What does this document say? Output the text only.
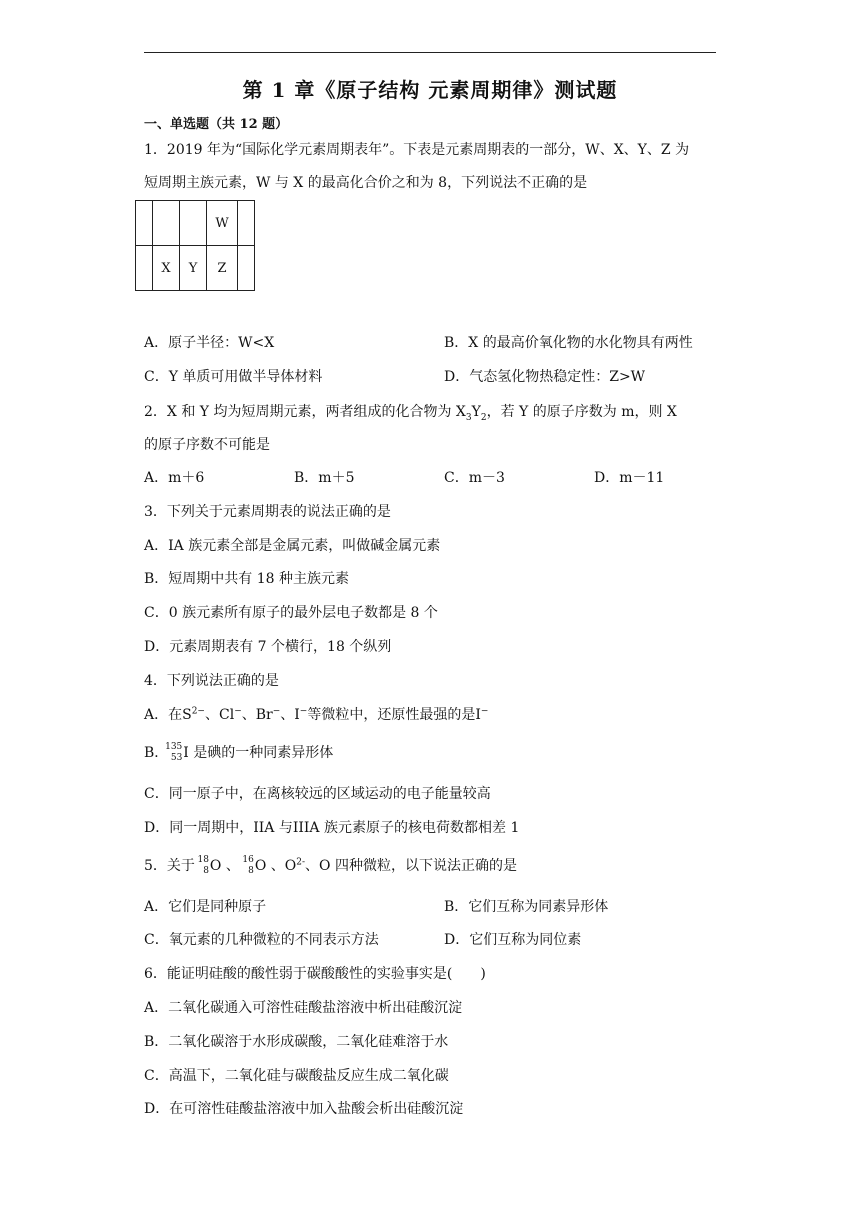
第 1 章《原子结构 元素周期律》测试题
一、单选题（共 12 题）
1．2019 年为“国际化学元素周期表年”。下表是元素周期表的一部分，W、X、Y、Z 为
短周期主族元素，W 与 X 的最高化合价之和为 8，下列说法不正确的是
			W	
	X	Y	Z	
A．原子半径：W<X	B．X 的最高价氧化物的水化物具有两性
C．Y 单质可用做半导体材料	D．气态氢化物热稳定性：Z>W
2．X 和 Y 均为短周期元素，两者组成的化合物为 $X_3Y_2$，若 Y 的原子序数为 m，则 X
的原子序数不可能是
A．m＋6	B．m＋5	C．m－3	D．m－11
3．下列关于元素周期表的说法正确的是
A．IA 族元素全部是金属元素，叫做碱金属元素
B．短周期中共有 18 种主族元素
C．0 族元素所有原子的最外层电子数都是 8 个
D．元素周期表有 7 个横行，18 个纵列
4．下列说法正确的是
A．在$S^{2-}$、Cl−、Br−、I−等微粒中，还原性最强的是I−
B．
135
53 I 是碘的一种同素异形体
C．同一原子中，在离核较远的区域运动的电子能量较高
D．同一周期中，IIA 与IIIA 族元素原子的核电荷数都相差 1
5．关于 18
8 O 、 16
8 O 、$O^{2-}$、O 四种微粒，以下说法正确的是
A．它们是同种原子	B．它们互称为同素异形体
C．氧元素的几种微粒的不同表示方法	D．它们互称为同位素
6．能证明硅酸的酸性弱于碳酸酸性的实验事实是(　　)
A．二氧化碳通入可溶性硅酸盐溶液中析出硅酸沉淀
B．二氧化碳溶于水形成碳酸，二氧化硅难溶于水
C．高温下，二氧化硅与碳酸盐反应生成二氧化碳
D．在可溶性硅酸盐溶液中加入盐酸会析出硅酸沉淀
